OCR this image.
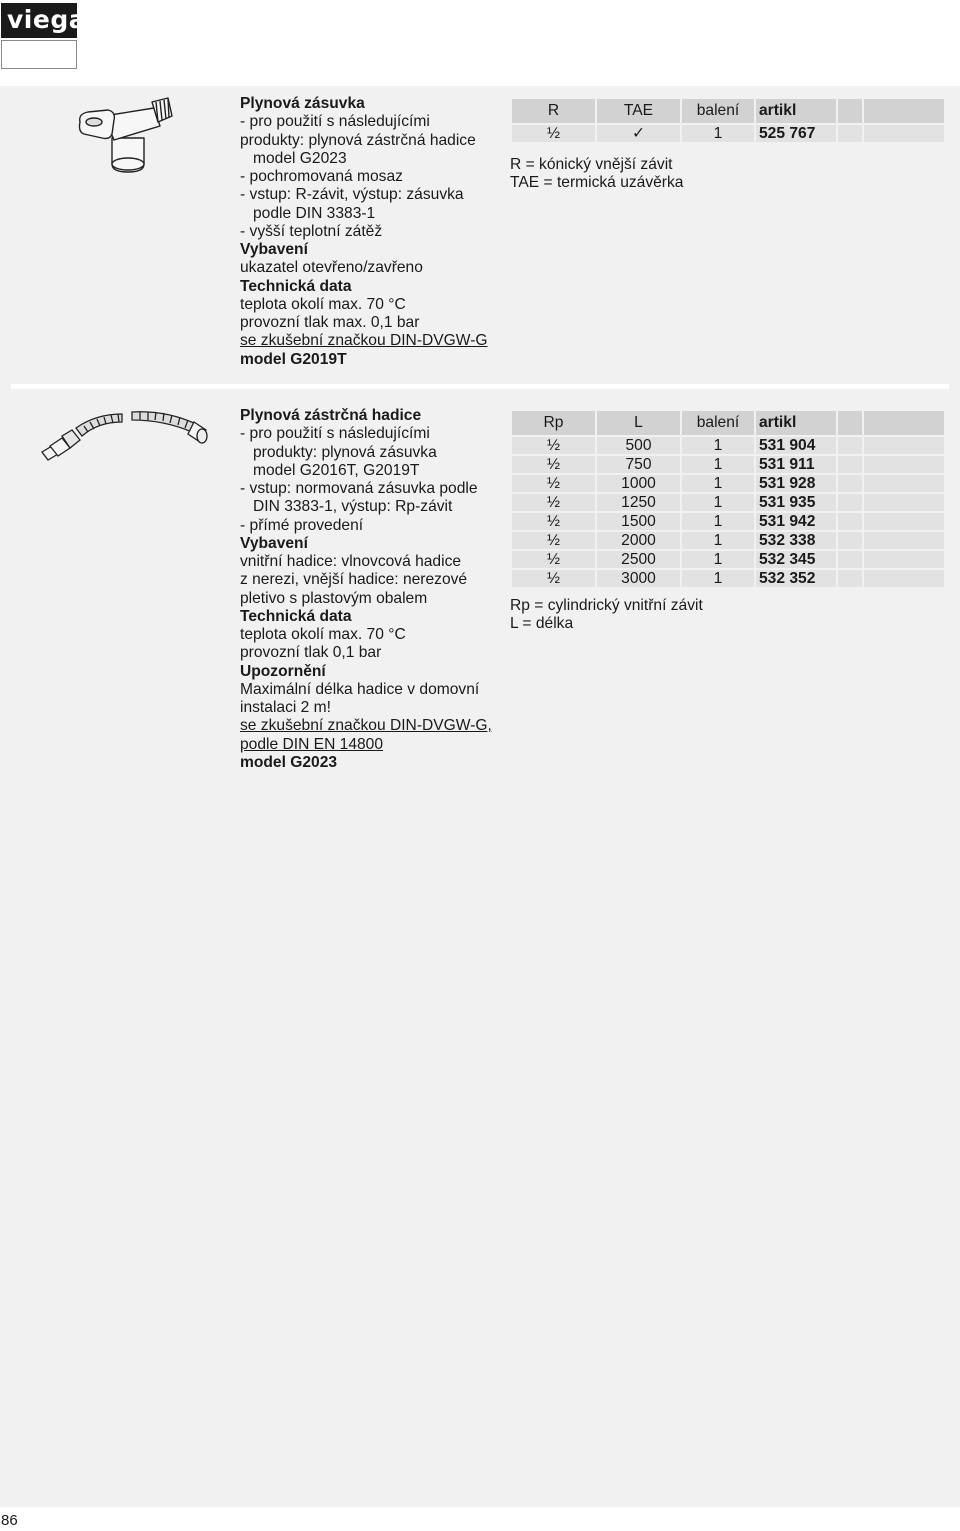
viega
Plynová zásuvka
- pro použití s následujícími
produkty: plynová zástrčná hadice
model G2023
- pochromovaná mosaz
- vstup: R-závit, výstup: zásuvka
podle DIN 3383-1
- vyšší teplotní zátěž
Vybavení
ukazatel otevřeno/zavřeno
Technická data
teplota okolí max. 70 °C
provozní tlak max. 0,1 bar
se zkušební značkou DIN-DVGW-G
model G2019T
R	TAE	balení	artikl		
½	✓	1	525 767		
R = kónický vnější závit
TAE = termická uzávěrka
Plynová zástrčná hadice
- pro použití s následujícími
produkty: plynová zásuvka
model G2016T, G2019T
- vstup: normovaná zásuvka podle
DIN 3383-1, výstup: Rp-závit
- přímé provedení
Vybavení
vnitřní hadice: vlnovcová hadice
z nerezi, vnější hadice: nerezové
pletivo s plastovým obalem
Technická data
teplota okolí max. 70 °C
provozní tlak 0,1 bar
Upozornění
Maximální délka hadice v domovní
instalaci 2 m!
se zkušební značkou DIN-DVGW-G,
podle DIN EN 14800
model G2023
Rp	L	balení	artikl		
½	500	1	531 904		
½	750	1	531 911		
½	1000	1	531 928		
½	1250	1	531 935		
½	1500	1	531 942		
½	2000	1	532 338		
½	2500	1	532 345		
½	3000	1	532 352		
Rp = cylindrický vnitřní závit
L = délka
86
